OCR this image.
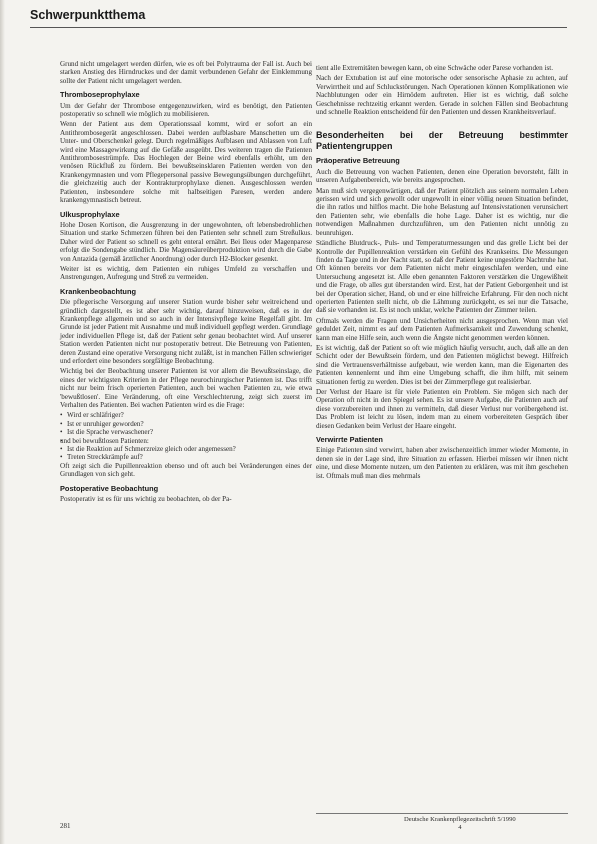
Schwerpunktthema

Grund nicht umgelagert werden dürfen, wie es oft bei Polytrauma der Fall ist. Auch bei starken Anstieg des Hirndruckes und der damit verbundenen Gefahr der Einklemmung sollte der Patient nicht umgelagert werden.

Thromboseprophylaxe

Um der Gefahr der Thrombose entgegenzuwirken, wird es benötigt, den Patienten postoperativ so schnell wie möglich zu mobilisieren.

Wenn der Patient aus dem Operationssaal kommt, wird er sofort an ein Antithrombosegerät angeschlossen. Dabei werden aufblasbare Manschetten um die Unter- und Oberschenkel gelegt. Durch regelmäßiges Aufblasen und Ablassen von Luft wird eine Massagewirkung auf die Gefäße ausgeübt. Des weiteren tragen die Patienten Antithrombosestrümpfe. Das Hochlegen der Beine wird ebenfalls erhöht, um den venösen Rückfluß zu fördern. Bei bewußtseinsklaren Patienten werden von den Krankengymnasten und vom Pflegepersonal passive Bewegungsübungen durchgeführt, die gleichzeitig auch der Kontrakturprophylaxe dienen. Ausgeschlossen werden Patienten, insbesondere solche mit halbseitigen Paresen, werden andere krankengymnastisch betreut.

Ulkusprophylaxe

Hohe Dosen Kortison, die Ausgrenzung in der ungewohnten, oft lebensbedrohlichen Situation und starke Schmerzen führen bei den Patienten sehr schnell zum Streßulkus. Daher wird der Patient so schnell es geht enteral ernährt. Bei Ileus oder Magenparese erfolgt die Sondengabe stündlich. Die Magensäureüberproduktion wird durch die Gabe von Antazida (gemäß ärztlicher Anordnung) oder durch H2-Blocker gesenkt.

Weiter ist es wichtig, dem Patienten ein ruhiges Umfeld zu verschaffen und Anstrengungen, Aufregung und Streß zu vermeiden.

Krankenbeobachtung

Die pflegerische Versorgung auf unserer Station wurde bisher sehr weitreichend und gründlich dargestellt, es ist aber sehr wichtig, darauf hinzuweisen, daß es in der Krankenpflege allgemein und so auch in der Intensivpflege keine Regelfall gibt. Im Grunde ist jeder Patient mit Ausnahme und muß individuell gepflegt werden. Grundlage jeder individuellen Pflege ist, daß der Patient sehr genau beobachtet wird. Auf unserer Station werden Patienten nicht nur postoperativ betreut. Die Betreuung von Patienten, deren Zustand eine operative Versorgung nicht zuläßt, ist in manchen Fällen schwieriger und erfordert eine besonders sorgfältige Beobachtung.

Wichtig bei der Beobachtung unserer Patienten ist vor allem die Bewußtseinslage, die eines der wichtigsten Kriterien in der Pflege neurochirurgischer Patienten ist. Das trifft nicht nur beim frisch operierten Patienten, auch bei wachen Patienten zu, wie etwa 'bewußtlosen'. Eine Veränderung, oft eine Verschlechterung, zeigt sich zuerst im Verhalten des Patienten. Bei wachen Patienten wird es die Frage:

• Wird er schläfriger?
• Ist er unruhiger geworden?
• Ist die Sprache verwaschener?
• und bei bewußtlosen Patienten:
• Ist die Reaktion auf Schmerzreize gleich oder angemessen?
• Treten Streckkrämpfe auf?

Oft zeigt sich die Pupillenreaktion ebenso und oft auch bei Veränderungen eines der Grundlagen von sich geht.

Postoperative Beobachtung

Postoperativ ist es für uns wichtig zu beobachten, ob der Pa-

tient alle Extremitäten bewegen kann, ob eine Schwäche oder Parese vorhanden ist.

Nach der Extubation ist auf eine motorische oder sensorische Aphasie zu achten, auf Verwirrtheit und auf Schluckstörungen. Nach Operationen können Komplikationen wie Nachblutungen oder ein Hirnödem auftreten. Hier ist es wichtig, daß solche Geschehnisse rechtzeitig erkannt werden. Gerade in solchen Fällen sind Beobachtung und schnelle Reaktion entscheidend für den Patienten und dessen Krankheitsverlauf.

Besonderheiten bei der Betreuung bestimmter Patientengruppen
Präoperative Betreuung

Auch die Betreuung von wachen Patienten, denen eine Operation bevorsteht, fällt in unseren Aufgabenbereich, wie bereits angesprochen.

Man muß sich vergegenwärtigen, daß der Patient plötzlich aus seinem normalen Leben gerissen wird und sich gewollt oder ungewollt in einer völlig neuen Situation befindet, die ihn ratlos und hilflos macht. Die hohe Belastung auf Intensivstationen verunsichert den Patienten sehr, wie ebenfalls die hohe Lage. Daher ist es wichtig, nur die notwendigen Maßnahmen durchzuführen, um den Patienten nicht unnötig zu beunruhigen.

Ständliche Blutdruck-, Puls- und Temperaturmessungen und das grelle Licht bei der Kontrolle der Pupillenreaktion verstärken ein Gefühl des Krankseins. Die Messungen finden da Tage und in der Nacht statt, so daß der Patient keine ungestörte Nachtruhe hat. Oft können bereits vor dem Patienten nicht mehr eingeschlafen werden, und eine Untersuchung angesetzt ist. Alle eben genannten Faktoren verstärken die Ungewißheit und die Frage, ob alles gut überstanden wird. Erst, hat der Patient Geborgenheit und ist bei der Operation sicher, Hand, ob und er eine hilfreiche Erfahrung. Für den noch nicht operierten Patienten stellt nicht, ob die Lähmung zurückgeht, es sei nur die Tatsache, daß sie vorhanden ist. Es ist noch unklar, welche Patienten der Zimmer teilen.

Oftmals werden die Fragen und Unsicherheiten nicht ausgesprochen. Wenn man viel geduldet Zeit, nimmt es auf dem Patienten Aufmerksamkeit und Zuwendung schenkt, kann man eine Hilfe sein, auch wenn die Ängste nicht genommen werden können.

Es ist wichtig, daß der Patient so oft wie möglich häufig versucht, auch, daß alle an den Schicht oder der Bewußtsein fördern, und den Patienten möglichst bewegt. Hilfreich sind die Vertrauensverhältnisse aufgebaut, wie werden kann, man die Eigenarten des Patienten kennenlernt und ihm eine Umgebung schafft, die ihm hilft, mit seinem Situationen fertig zu werden. Dies ist bei der Zimmerpflege gut realisierbar.

Der Verlust der Haare ist für viele Patienten ein Problem. Sie mögen sich nach der Operation oft nicht in den Spiegel sehen. Es ist unsere Aufgabe, die Patienten auch auf diese vorzubereiten und ihnen zu vermitteln, daß dieser Verlust nur vorübergehend ist. Das Problem ist leicht zu lösen, indem man zu einem vorbereiteten Gespräch über diesen Gedanken beim Verlust der Haare eingeht.

Verwirrte Patienten

Einige Patienten sind verwirrt, haben aber zwischenzeitlich immer wieder Momente, in denen sie in der Lage sind, ihre Situation zu erfassen. Hierbei müssen wir ihnen nicht eine, und diese Momente nutzen, um den Patienten zu erklären, was mit ihm geschehen ist. Oftmals muß man dies mehrmals

281
Deutsche Krankenpflegezeitschrift 5/1990
4
